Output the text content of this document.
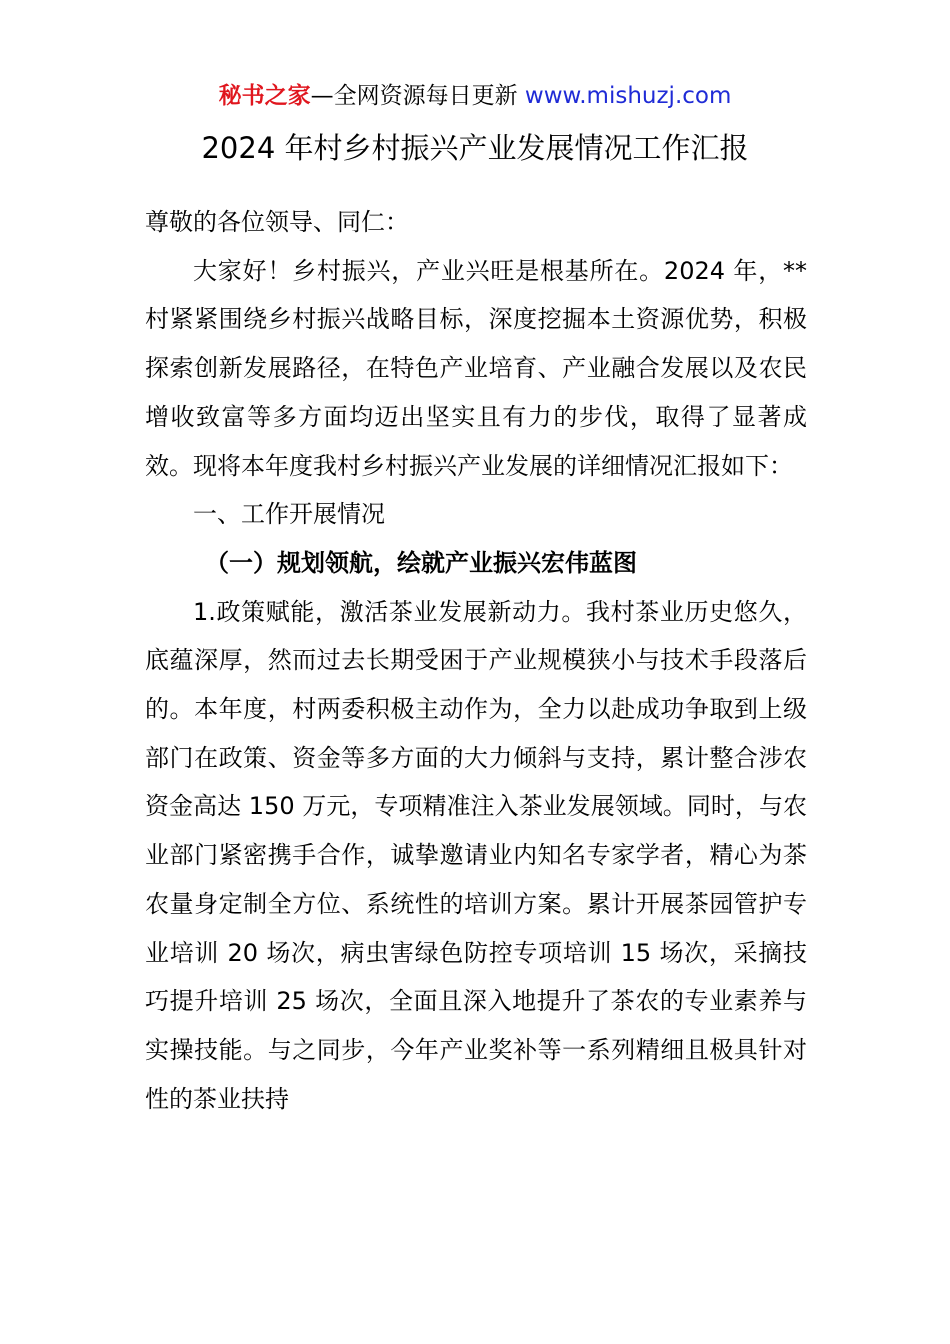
秘书之家—全网资源每日更新 www.mishuzj.com
2024 年村乡村振兴产业发展情况工作汇报

尊敬的各位领导、同仁：

大家好！乡村振兴，产业兴旺是根基所在。2024 年，**村紧紧围绕乡村振兴战略目标，深度挖掘本土资源优势，积极探索创新发展路径，在特色产业培育、产业融合发展以及农民增收致富等多方面均迈出坚实且有力的步伐，取得了显著成效。现将本年度我村乡村振兴产业发展的详细情况汇报如下：

一、工作开展情况

（一）规划领航，绘就产业振兴宏伟蓝图

1.政策赋能，激活茶业发展新动力。我村茶业历史悠久，底蕴深厚，然而过去长期受困于产业规模狭小与技术手段落后的。本年度，村两委积极主动作为，全力以赴成功争取到上级部门在政策、资金等多方面的大力倾斜与支持，累计整合涉农资金高达 150 万元，专项精准注入茶业发展领域。同时，与农业部门紧密携手合作，诚挚邀请业内知名专家学者，精心为茶农量身定制全方位、系统性的培训方案。累计开展茶园管护专业培训 20 场次，病虫害绿色防控专项培训 15 场次，采摘技巧提升培训 25 场次，全面且深入地提升了茶农的专业素养与实操技能。与之同步，今年产业奖补等一系列精细且极具针对性的茶业扶持
